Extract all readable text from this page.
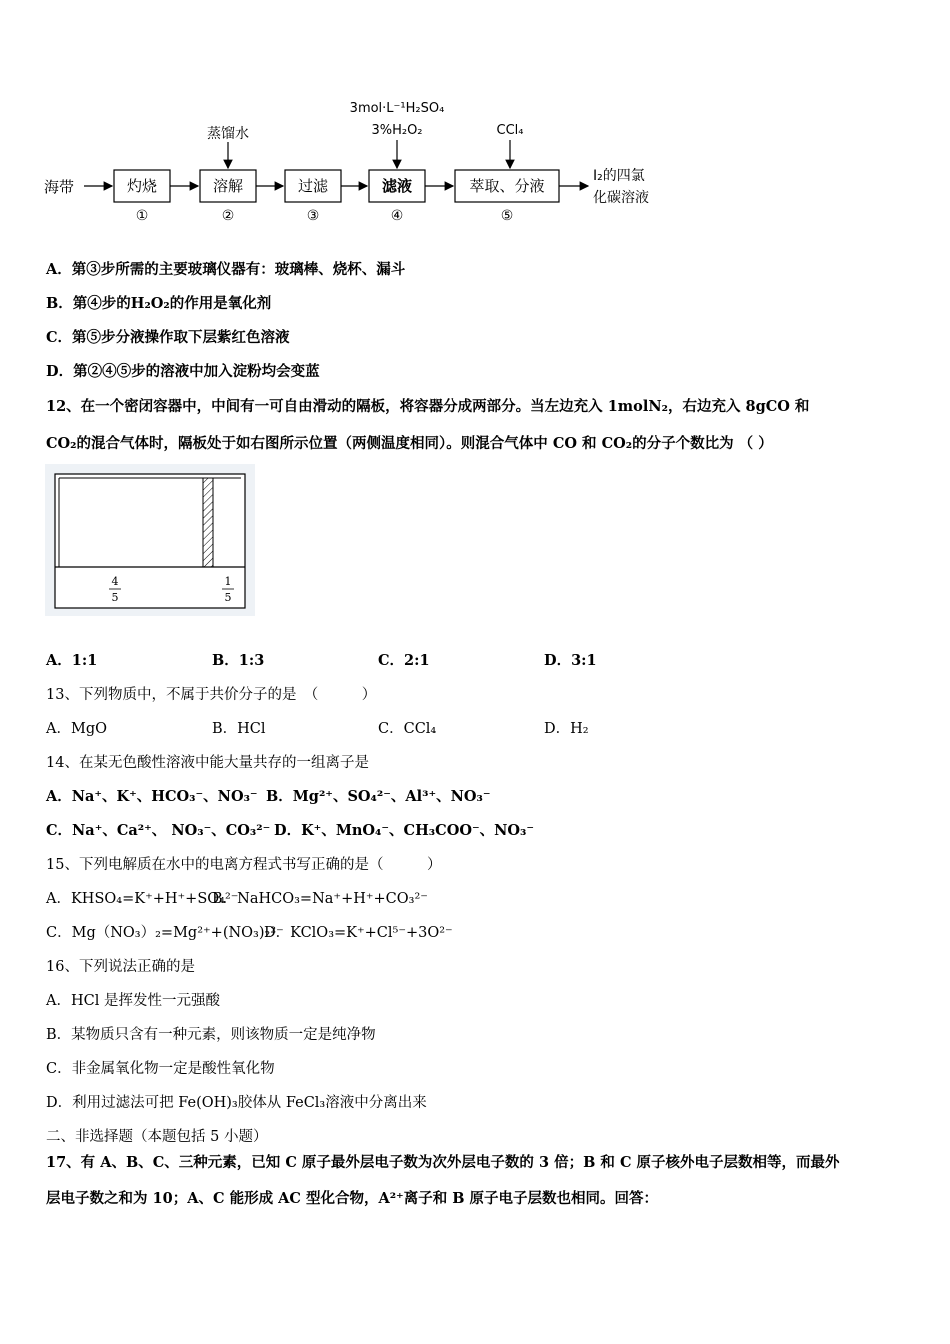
海带	灼烧
①
溶解
②
蒸馏水
过滤
③
滤液
④
3mol·L⁻¹H₂SO₄
3%H₂O₂
萃取、分液
⑤
CCl₄
I₂的四氯
化碳溶液
A．第③步所需的主要玻璃仪器有：玻璃棒、烧杯、漏斗
B．第④步的H₂O₂的作用是氧化剂
C．第⑤步分液操作取下层紫红色溶液
D．第②④⑤步的溶液中加入淀粉均会变蓝
12、在一个密闭容器中，中间有一可自由滑动的隔板，将容器分成两部分。当左边充入 1molN₂，右边充入 8gCO 和
CO₂的混合气体时，隔板处于如右图所示位置（两侧温度相同）。则混合气体中 CO 和 CO₂的分子个数比为 （ ）
4
5
1
5
A．1:1	B．1:3	C．2:1	D．3:1
13、下列物质中，不属于共价分子的是　（　　　）
A．MgO	B．HCl	C．CCl₄	D．H₂
14、在某无色酸性溶液中能大量共存的一组离子是
A．Na⁺、K⁺、HCO₃⁻、NO₃⁻ B．Mg²⁺、SO₄²⁻、Al³⁺、NO₃⁻
C．Na⁺、Ca²⁺、 NO₃⁻、CO₃²⁻ D．K⁺、MnO₄⁻、CH₃COO⁻、NO₃⁻
15、下列电解质在水中的电离方程式书写正确的是（　　　）
A．KHSO₄=K⁺+H⁺+SO₄²⁻B．NaHCO₃=Na⁺+H⁺+CO₃²⁻
C．Mg（NO₃）₂=Mg²⁺+(NO₃)₂²⁻D．KClO₃=K⁺+Cl⁵⁻+3O²⁻
16、下列说法正确的是
A．HCl 是挥发性一元强酸
B．某物质只含有一种元素，则该物质一定是纯净物
C．非金属氧化物一定是酸性氧化物
D．利用过滤法可把 Fe(OH)₃胶体从 FeCl₃溶液中分离出来
二、非选择题（本题包括 5 小题）
17、有 A、B、C、三种元素，已知 C 原子最外层电子数为次外层电子数的 3 倍；B 和 C 原子核外电子层数相等，而最外
层电子数之和为 10；A、C 能形成 AC 型化合物，A²⁺离子和 B 原子电子层数也相同。回答：
